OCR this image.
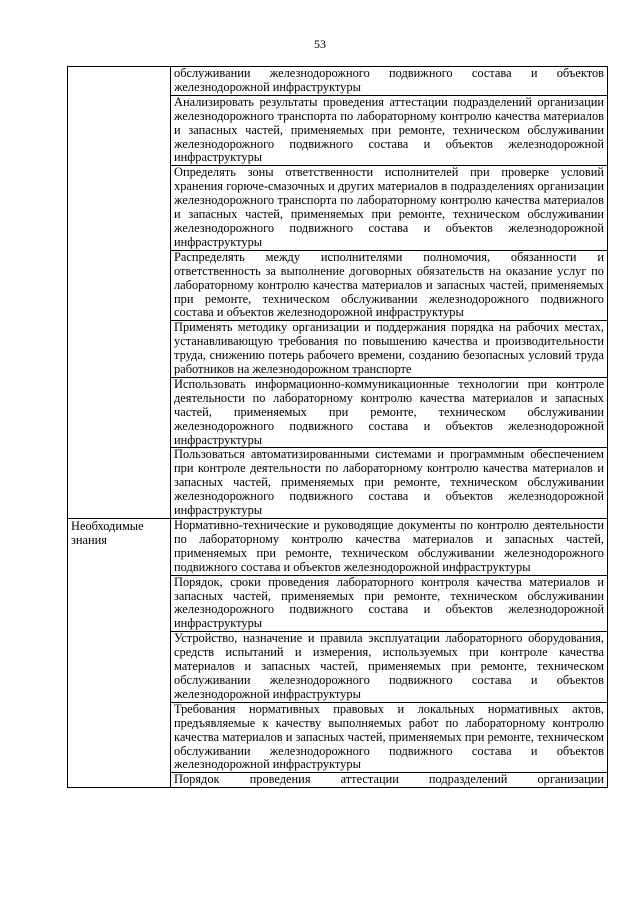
53
	обслуживании железнодорожного подвижного состава и объектов железнодорожной инфраструктуры
	Анализировать результаты проведения аттестации подразделений организации железнодорожного транспорта по лабораторному контролю качества материалов и запасных частей, применяемых при ремонте, техническом обслуживании железнодорожного подвижного состава и объектов железнодорожной инфраструктуры
	Определять зоны ответственности исполнителей при проверке условий хранения горюче-смазочных и других материалов в подразделениях организации железнодорожного транспорта по лабораторному контролю качества материалов и запасных частей, применяемых при ремонте, техническом обслуживании железнодорожного подвижного состава и объектов железнодорожной инфраструктуры
	Распределять между исполнителями полномочия, обязанности и ответственность за выполнение договорных обязательств на оказание услуг по лабораторному контролю качества материалов и запасных частей, применяемых при ремонте, техническом обслуживании железнодорожного подвижного состава и объектов железнодорожной инфраструктуры
	Применять методику организации и поддержания порядка на рабочих местах, устанавливающую требования по повышению качества и производительности труда, снижению потерь рабочего времени, созданию безопасных условий труда работников на железнодорожном транспорте
	Использовать информационно-коммуникационные технологии при контроле деятельности по лабораторному контролю качества материалов и запасных частей, применяемых при ремонте, техническом обслуживании железнодорожного подвижного состава и объектов железнодорожной инфраструктуры
	Пользоваться автоматизированными системами и программным обеспечением при контроле деятельности по лабораторному контролю качества материалов и запасных частей, применяемых при ремонте, техническом обслуживании железнодорожного подвижного состава и объектов железнодорожной инфраструктуры
Необходимые знания	Нормативно-технические и руководящие документы по контролю деятельности по лабораторному контролю качества материалов и запасных частей, применяемых при ремонте, техническом обслуживании железнодорожного подвижного состава и объектов железнодорожной инфраструктуры
	Порядок, сроки проведения лабораторного контроля качества материалов и запасных частей, применяемых при ремонте, техническом обслуживании железнодорожного подвижного состава и объектов железнодорожной инфраструктуры
	Устройство, назначение и правила эксплуатации лабораторного оборудования, средств испытаний и измерения, используемых при контроле качества материалов и запасных частей, применяемых при ремонте, техническом обслуживании железнодорожного подвижного состава и объектов железнодорожной инфраструктуры
	Требования нормативных правовых и локальных нормативных актов, предъявляемые к качеству выполняемых работ по лабораторному контролю качества материалов и запасных частей, применяемых при ремонте, техническом обслуживании железнодорожного подвижного состава и объектов железнодорожной инфраструктуры
	Порядок проведения аттестации подразделений организации
